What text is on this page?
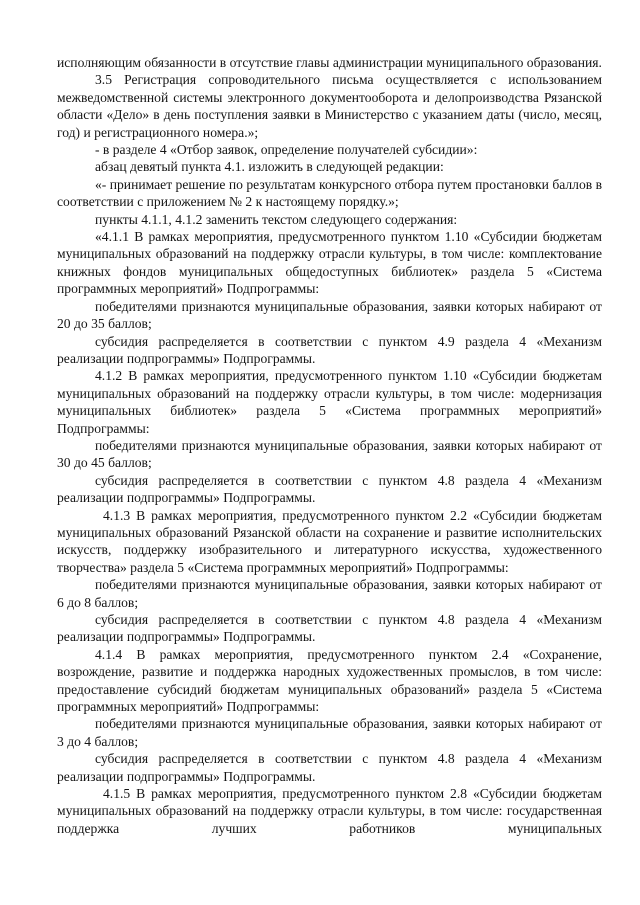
исполняющим обязанности в отсутствие главы администрации муниципального образования.

3.5 Регистрация сопроводительного письма осуществляется с использованием межведомственной системы электронного документооборота и делопроизводства Рязанской области «Дело» в день поступления заявки в Министерство с указанием даты (число, месяц, год) и регистрационного номера.»;

- в разделе 4 «Отбор заявок, определение получателей субсидии»:

абзац девятый пункта 4.1. изложить в следующей редакции:

«- принимает решение по результатам конкурсного отбора путем простановки баллов в соответствии с приложением № 2 к настоящему порядку.»;

пункты 4.1.1, 4.1.2 заменить текстом следующего содержания:

«4.1.1 В рамках мероприятия, предусмотренного пунктом 1.10 «Субсидии бюджетам муниципальных образований на поддержку отрасли культуры, в том числе: комплектование книжных фондов муниципальных общедоступных библиотек» раздела 5 «Система программных мероприятий» Подпрограммы:

победителями признаются муниципальные образования, заявки которых набирают от 20 до 35 баллов;

субсидия распределяется в соответствии с пунктом 4.9 раздела 4 «Механизм реализации подпрограммы» Подпрограммы.

4.1.2 В рамках мероприятия, предусмотренного пунктом 1.10 «Субсидии бюджетам муниципальных образований на поддержку отрасли культуры, в том числе: модернизация муниципальных библиотек» раздела 5 «Система программных мероприятий» Подпрограммы:

победителями признаются муниципальные образования, заявки которых набирают от 30 до 45 баллов;

субсидия распределяется в соответствии с пунктом 4.8 раздела 4 «Механизм реализации подпрограммы» Подпрограммы.

4.1.3 В рамках мероприятия, предусмотренного пунктом 2.2 «Субсидии бюджетам муниципальных образований Рязанской области на сохранение и развитие исполнительских искусств, поддержку изобразительного и литературного искусства, художественного творчества» раздела 5 «Система программных мероприятий» Подпрограммы:

победителями признаются муниципальные образования, заявки которых набирают от 6 до 8 баллов;

субсидия распределяется в соответствии с пунктом 4.8 раздела 4 «Механизм реализации подпрограммы» Подпрограммы.

4.1.4 В рамках мероприятия, предусмотренного пунктом 2.4 «Сохранение, возрождение, развитие и поддержка народных художественных промыслов, в том числе: предоставление субсидий бюджетам муниципальных образований» раздела 5 «Система программных мероприятий» Подпрограммы:

победителями признаются муниципальные образования, заявки которых набирают от 3 до 4 баллов;

субсидия распределяется в соответствии с пунктом 4.8 раздела 4 «Механизм реализации подпрограммы» Подпрограммы.

4.1.5 В рамках мероприятия, предусмотренного пунктом 2.8 «Субсидии бюджетам муниципальных образований на поддержку отрасли культуры, в том числе: государственная поддержка лучших работников муниципальных
